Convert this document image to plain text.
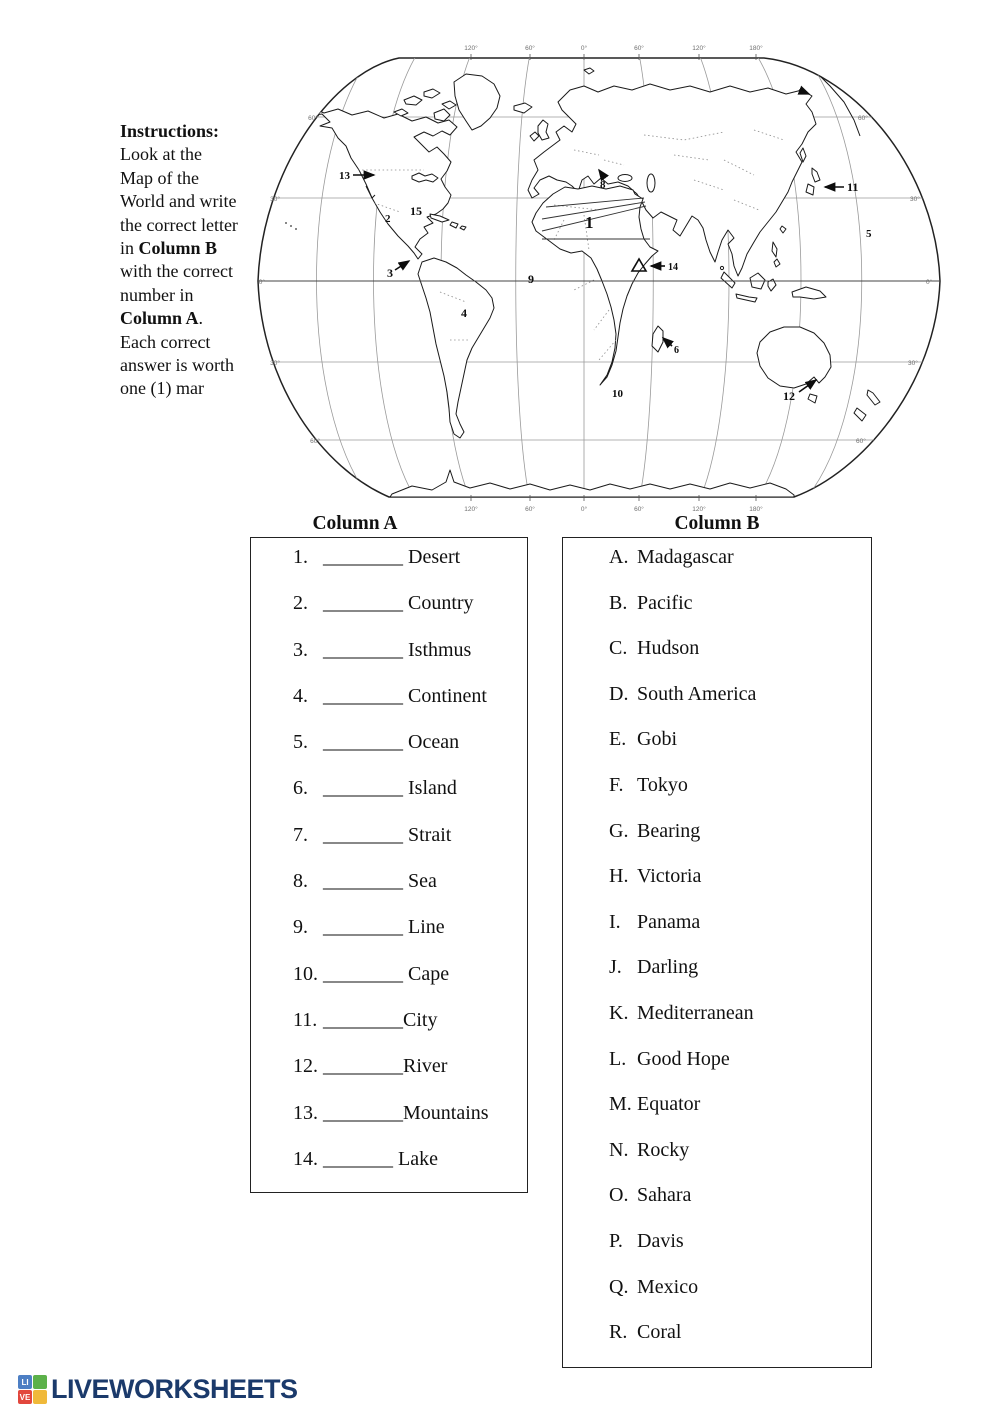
Instructions:
Look at the Map of the World and write the correct letter in Column B with the correct number in Column A. Each correct answer is worth one (1) mar
120°	60°	0°	60°	120°	180°
120°	60°	0°	60°	120°	180°
60°
30°
0°
30°
60°
60°
30°
0°
30°
60°
13
2
15
3
4
9
1
8
14
6
10
11
5
12
Column A	Column B
1. ________ Desert
2. ________ Country
3. ________ Isthmus
4. ________ Continent
5. ________ Ocean
6. ________ Island
7. ________ Strait
8. ________ Sea
9. ________ Line
10. ________ Cape
11. ________ City
12. ________ River
13. ________ Mountains
14. _______ Lake
A. Madagascar
B. Pacific
C. Hudson
D. South America
E. Gobi
F. Tokyo
G. Bearing
H. Victoria
I. Panama
J. Darling
K. Mediterranean
L. Good Hope
M. Equator
N. Rocky
O. Sahara
P. Davis
Q. Mexico
R. Coral
LI
VE LIVEWORKSHEETS
